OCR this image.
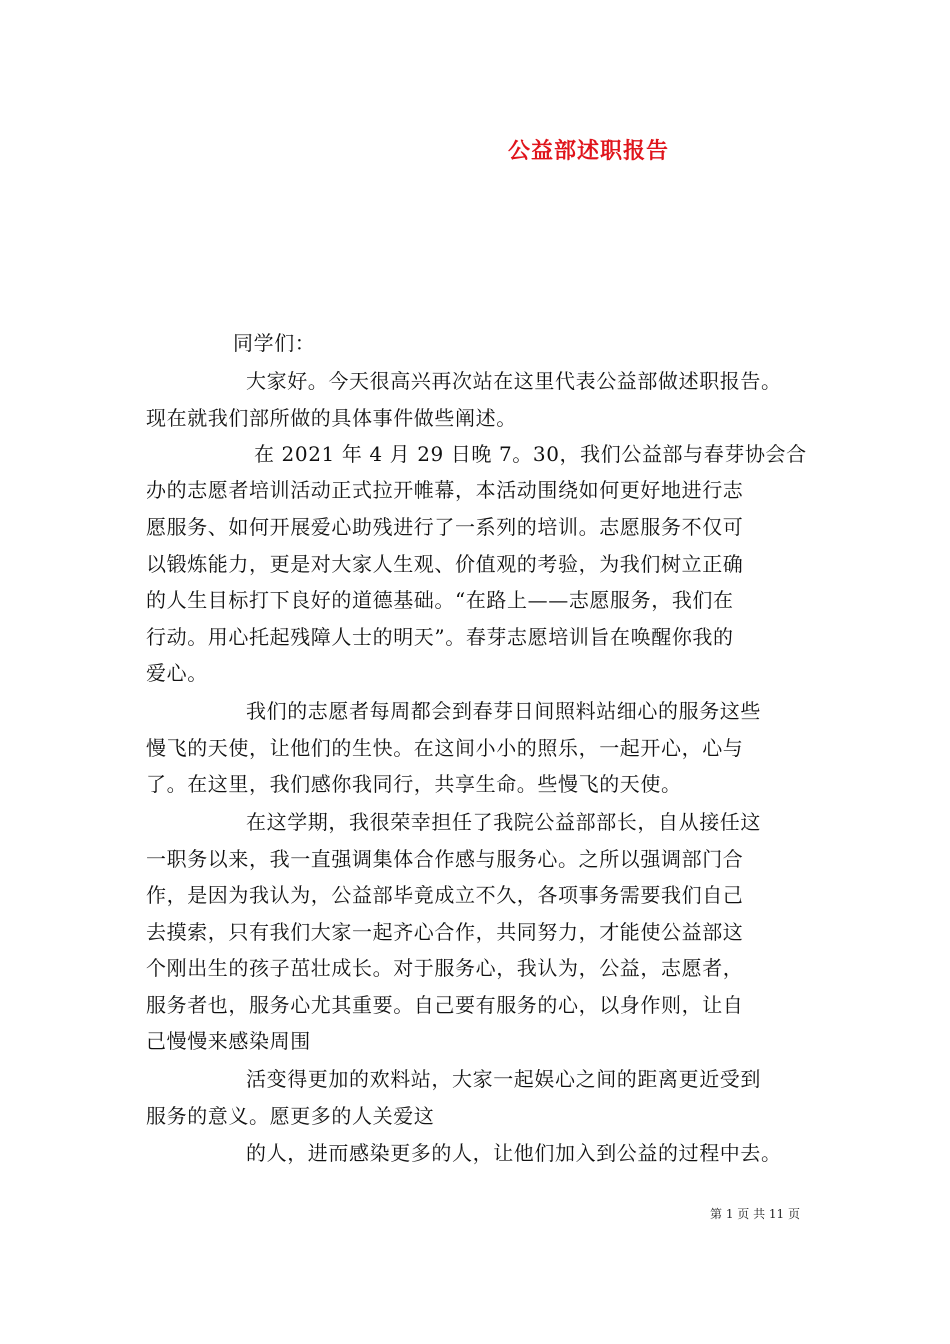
公益部述职报告

同学们：

大家好。今天很高兴再次站在这里代表公益部做述职报告。

现在就我们部所做的具体事件做些阐述。

在 2021 年 4 月 29 日晚 7。30，我们公益部与春芽协会合

办的志愿者培训活动正式拉开帷幕，本活动围绕如何更好地进行志

愿服务、如何开展爱心助残进行了一系列的培训。志愿服务不仅可

以锻炼能力，更是对大家人生观、价值观的考验，为我们树立正确

的人生目标打下良好的道德基础。“在路上——志愿服务，我们在

行动。用心托起残障人士的明天”。春芽志愿培训旨在唤醒你我的

爱心。

我们的志愿者每周都会到春芽日间照料站细心的服务这些

慢飞的天使，让他们的生快。在这间小小的照乐，一起开心，心与

了。在这里，我们感你我同行，共享生命。些慢飞的天使。

在这学期，我很荣幸担任了我院公益部部长，自从接任这

一职务以来，我一直强调集体合作感与服务心。之所以强调部门合

作，是因为我认为，公益部毕竟成立不久，各项事务需要我们自己

去摸索，只有我们大家一起齐心合作，共同努力，才能使公益部这

个刚出生的孩子茁壮成长。对于服务心，我认为，公益，志愿者，

服务者也，服务心尤其重要。自己要有服务的心，以身作则，让自

己慢慢来感染周围

活变得更加的欢料站，大家一起娱心之间的距离更近受到

服务的意义。愿更多的人关爱这

的人，进而感染更多的人，让他们加入到公益的过程中去。

第 1 页 共 11 页
